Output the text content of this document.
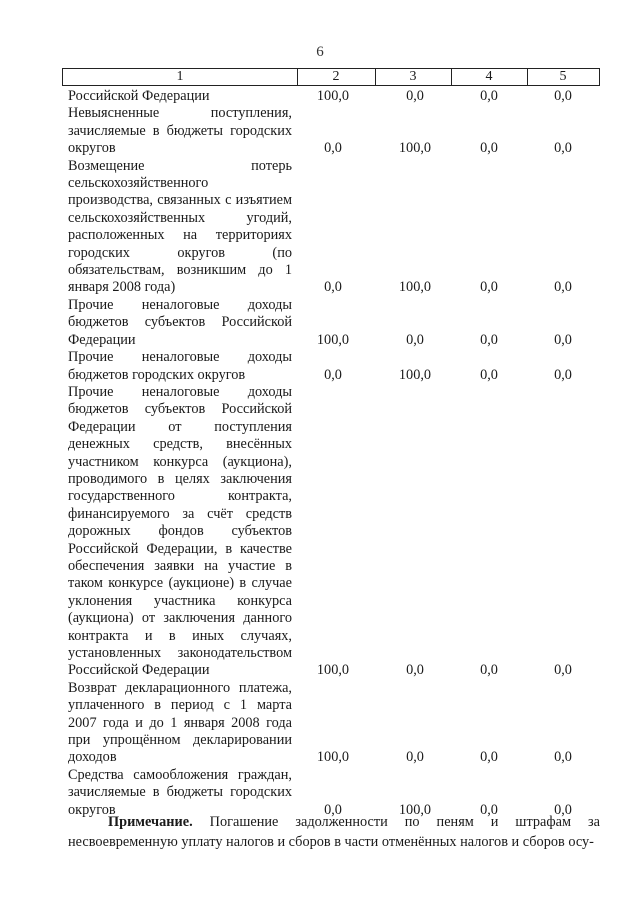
6
1	2	3	4	5
Российской Федерации	100,0	0,0	0,0	0,0
Невыясненные поступления, зачисляемые в бюджеты городских округов	0,0	100,0	0,0	0,0
Возмещение потерь сельскохозяйственного производства, связанных с изъятием сельскохозяйственных угодий, расположенных на территориях городских округов (по обязательствам, возникшим до 1 января 2008 года)	0,0	100,0	0,0	0,0
Прочие неналоговые доходы бюджетов субъектов Российской Федерации	100,0	0,0	0,0	0,0
Прочие неналоговые доходы бюджетов городских округов	0,0	100,0	0,0	0,0
Прочие неналоговые доходы бюджетов субъектов Российской Федерации от поступления денежных средств, внесённых участником конкурса (аукциона), проводимого в целях заключения государственного контракта, финансируемого за счёт средств дорожных фондов субъектов Российской Федерации, в качестве обеспечения заявки на участие в таком конкурсе (аукционе) в случае уклонения участника конкурса (аукциона) от заключения данного контракта и в иных случаях, установленных законодательством Российской Федерации	100,0	0,0	0,0	0,0
Возврат декларационного платежа, уплаченного в период с 1 марта 2007 года и до 1 января 2008 года при упрощённом декларировании доходов	100,0	0,0	0,0	0,0
Средства самообложения граждан, зачисляемые в бюджеты городских округов	0,0	100,0	0,0	0,0
Примечание. Погашение задолженности по пеням и штрафам за несвоевременную уплату налогов и сборов в части отменённых налогов и сборов осу-
